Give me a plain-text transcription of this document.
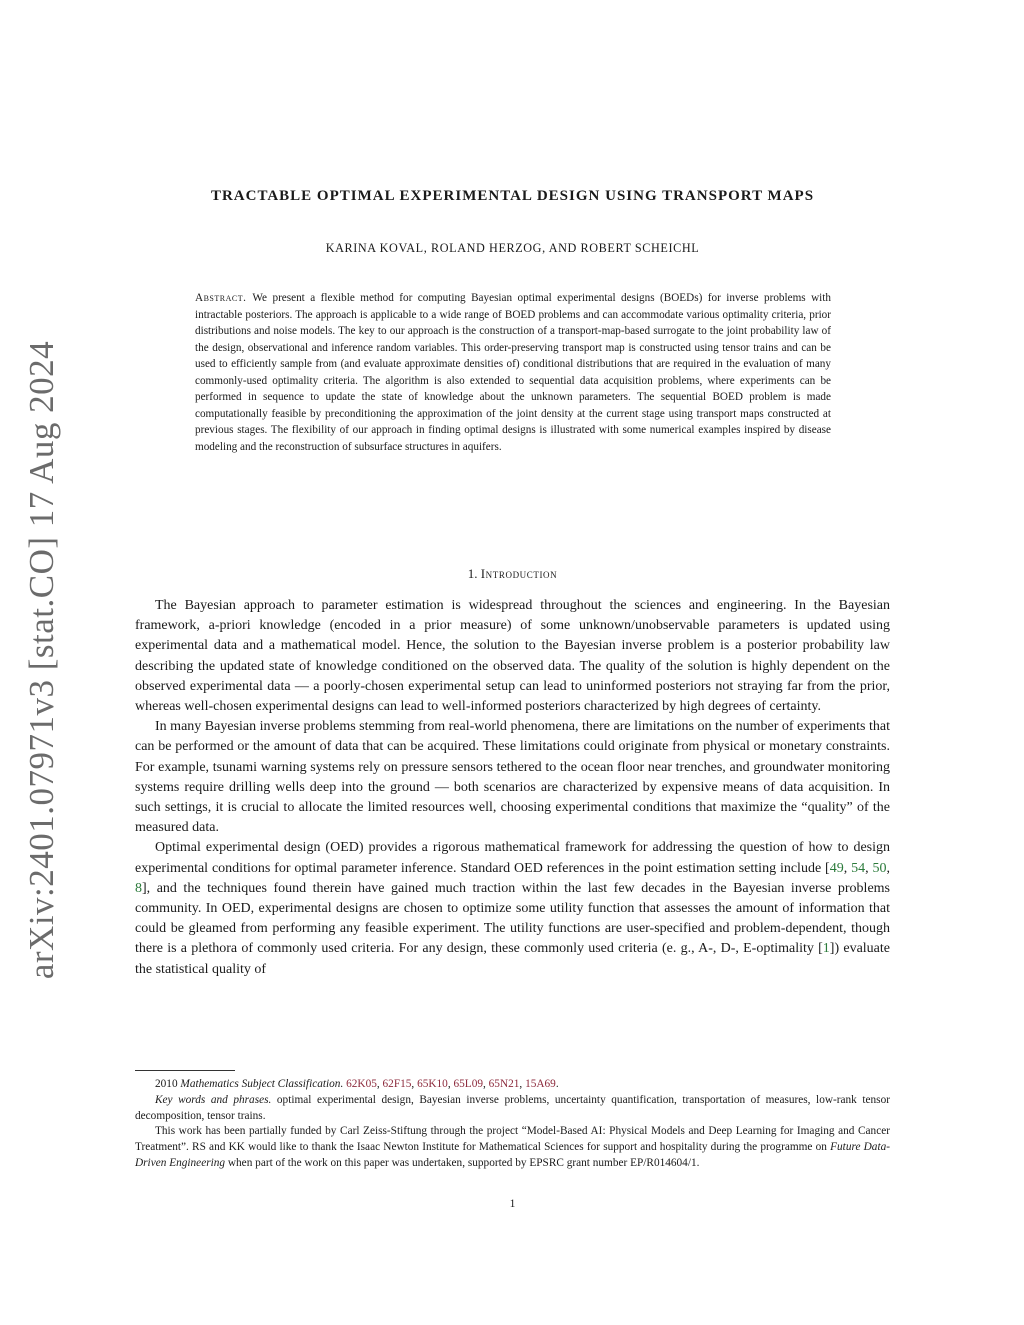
arXiv:2401.07971v3 [stat.CO] 17 Aug 2024
TRACTABLE OPTIMAL EXPERIMENTAL DESIGN USING TRANSPORT MAPS
KARINA KOVAL, ROLAND HERZOG, AND ROBERT SCHEICHL
Abstract. We present a flexible method for computing Bayesian optimal experimental designs (BOEDs) for inverse problems with intractable posteriors. The approach is applicable to a wide range of BOED problems and can accommodate various optimality criteria, prior distributions and noise models. The key to our approach is the construction of a transport-map-based surrogate to the joint probability law of the design, observational and inference random variables. This order-preserving transport map is constructed using tensor trains and can be used to efficiently sample from (and evaluate approximate densities of) conditional distributions that are required in the evaluation of many commonly-used optimality criteria. The algorithm is also extended to sequential data acquisition problems, where experiments can be performed in sequence to update the state of knowledge about the unknown parameters. The sequential BOED problem is made computationally feasible by preconditioning the approximation of the joint density at the current stage using transport maps constructed at previous stages. The flexibility of our approach in finding optimal designs is illustrated with some numerical examples inspired by disease modeling and the reconstruction of subsurface structures in aquifers.
1. Introduction

The Bayesian approach to parameter estimation is widespread throughout the sciences and engineering. In the Bayesian framework, a-priori knowledge (encoded in a prior measure) of some unknown/unobservable parameters is updated using experimental data and a mathematical model. Hence, the solution to the Bayesian inverse problem is a posterior probability law describing the updated state of knowledge conditioned on the observed data. The quality of the solution is highly dependent on the observed experimental data — a poorly-chosen experimental setup can lead to uninformed posteriors not straying far from the prior, whereas well-chosen experimental designs can lead to well-informed posteriors characterized by high degrees of certainty.

In many Bayesian inverse problems stemming from real-world phenomena, there are limitations on the number of experiments that can be performed or the amount of data that can be acquired. These limitations could originate from physical or monetary constraints. For example, tsunami warning systems rely on pressure sensors tethered to the ocean floor near trenches, and groundwater monitoring systems require drilling wells deep into the ground — both scenarios are characterized by expensive means of data acquisition. In such settings, it is crucial to allocate the limited resources well, choosing experimental conditions that maximize the “quality” of the measured data.

Optimal experimental design (OED) provides a rigorous mathematical framework for addressing the question of how to design experimental conditions for optimal parameter inference. Standard OED references in the point estimation setting include [49, 54, 50, 8], and the techniques found therein have gained much traction within the last few decades in the Bayesian inverse problems community. In OED, experimental designs are chosen to optimize some utility function that assesses the amount of information that could be gleamed from performing any feasible experiment. The utility functions are user-specified and problem-dependent, though there is a plethora of commonly used criteria. For any design, these commonly used criteria (e. g., A-, D-, E-optimality [1]) evaluate the statistical quality of

2010 Mathematics Subject Classification. 62K05, 62F15, 65K10, 65L09, 65N21, 15A69.

Key words and phrases. optimal experimental design, Bayesian inverse problems, uncertainty quantification, transportation of measures, low-rank tensor decomposition, tensor trains.

This work has been partially funded by Carl Zeiss-Stiftung through the project “Model-Based AI: Physical Models and Deep Learning for Imaging and Cancer Treatment”. RS and KK would like to thank the Isaac Newton Institute for Mathematical Sciences for support and hospitality during the programme on Future Data-Driven Engineering when part of the work on this paper was undertaken, supported by EPSRC grant number EP/R014604/1.

1
